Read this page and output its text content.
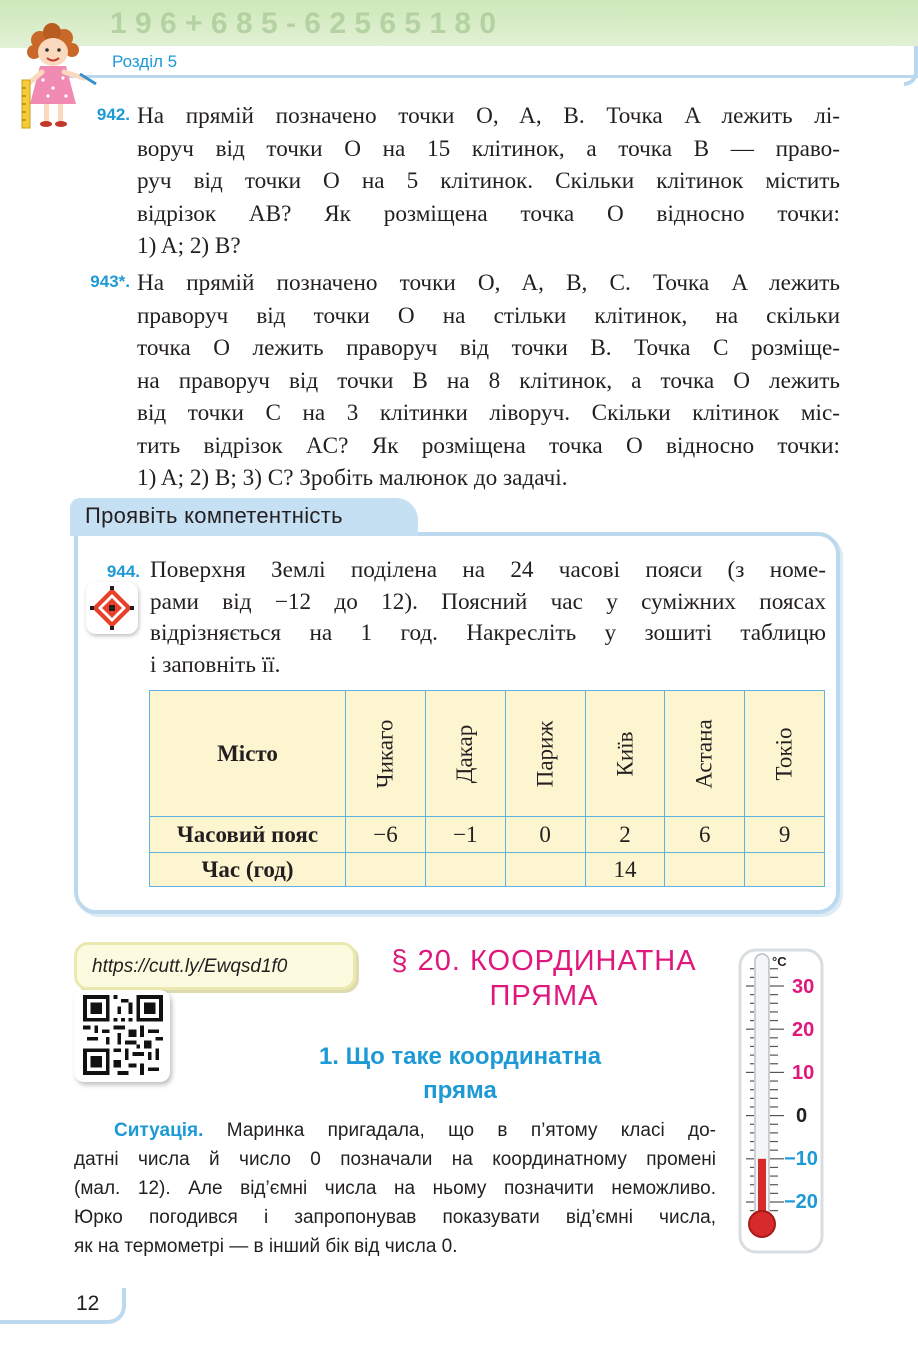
1 9 6 + 6 8 5 - 6 2 5 6 5 1 8 0
Розділ 5
942. На прямій позначено точки O, A, B. Точка A лежить лі-
воруч від точки O на 15 клітинок, а точка B — право-
руч від точки O на 5 клітинок. Скільки клітинок містить
відрізок AB? Як розміщена точка O відносно точки:
1) A; 2) B?
943*. На прямій позначено точки O, A, B, C. Точка A лежить
праворуч від точки O на стільки клітинок, на скільки
точка O лежить праворуч від точки B. Точка C розміще-
на праворуч від точки B на 8 клітинок, а точка O лежить
від точки C на 3 клітинки ліворуч. Скільки клітинок міс-
тить відрізок AC? Як розміщена точка O відносно точки:
1) A; 2) B; 3) C? Зробіть малюнок до задачі.
Проявіть компетентність
944. Поверхня Землі поділена на 24 часові пояси (з номе-
рами від −12 до 12). Поясний час у суміжних поясах
відрізняється на 1 год. Накресліть у зошиті таблицю
і заповніть її.
Місто	Чикаго	Дакар	Париж	Київ	Астана	Токіо
Часовий пояс	−6	−1	0	2	6	9
Час (год)				14		
https://cutt.ly/Ewqsd1f0	§ 20. КООРДИНАТНА
ПРЯМА
1. Що таке координатна
пряма
Ситуація. Маринка пригадала, що в п’ятому класі до-
датні числа й число 0 позначали на координатному промені
(мал. 12). Але від’ємні числа на ньому позначити неможливо.
Юрко погодився і запропонував показувати від’ємні числа,
як на термометрі — в інший бік від числа 0.
°С
30
20
10
0
−10
−20
12
